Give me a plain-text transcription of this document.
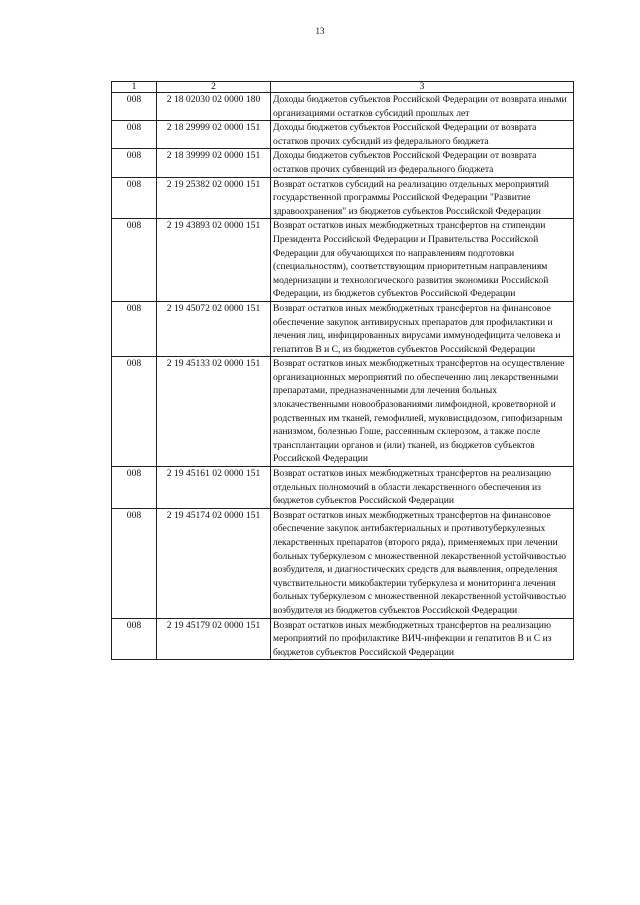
13
1	2	3
008	2 18 02030 02 0000 180	Доходы бюджетов субъектов Российской Федерации от возврата иными организациями остатков субсидий прошлых лет
008	2 18 29999 02 0000 151	Доходы бюджетов субъектов Российской Федерации от возврата остатков прочих субсидий из федерального бюджета
008	2 18 39999 02 0000 151	Доходы бюджетов субъектов Российской Федерации от возврата остатков прочих субвенций из федерального бюджета
008	2 19 25382 02 0000 151	Возврат остатков субсидий на реализацию отдельных мероприятий государственной программы Российской Федерации "Развитие здравоохранения" из бюджетов субъектов Российской Федерации
008	2 19 43893 02 0000 151	Возврат остатков иных межбюджетных трансфертов на стипендии Президента Российской Федерации и Правительства Российской Федерации для обучающихся по направлениям подготовки (специальностям), соответствующим приоритетным направлениям модернизации и технологического развития экономики Российской Федерации, из бюджетов субъектов Российской Федерации
008	2 19 45072 02 0000 151	Возврат остатков иных межбюджетных трансфертов на финансовое обеспечение закупок антивирусных препаратов для профилактики и лечения лиц, инфицированных вирусами иммунодефицита человека и гепатитов В и С, из бюджетов субъектов Российской Федерации
008	2 19 45133 02 0000 151	Возврат остатков иных межбюджетных трансфертов на осуществление организационных мероприятий по обеспечению лиц лекарственными препаратами, предназначенными для лечения больных злокачественными новообразованиями лимфоидной, кроветворной и родственных им тканей, гемофилией, муковисцидозом, гипофизарным нанизмом, болезнью Гоше, рассеянным склерозом, а также после трансплантации органов и (или) тканей, из бюджетов субъектов Российской Федерации
008	2 19 45161 02 0000 151	Возврат остатков иных межбюджетных трансфертов на реализацию отдельных полномочий в области лекарственного обеспечения из бюджетов субъектов Российской Федерации
008	2 19 45174 02 0000 151	Возврат остатков иных межбюджетных трансфертов на финансовое обеспечение закупок антибактериальных и противотуберкулезных лекарственных препаратов (второго ряда), применяемых при лечении больных туберкулезом с множественной лекарственной устойчивостью возбудителя, и диагностических средств для выявления, определения чувствительности микобактерии туберкулеза и мониторинга лечения больных туберкулезом с множественной лекарственной устойчивостью возбудителя из бюджетов субъектов Российской Федерации
008	2 19 45179 02 0000 151	Возврат остатков иных межбюджетных трансфертов на реализацию мероприятий по профилактике ВИЧ-инфекции и гепатитов В и С из бюджетов субъектов Российской Федерации
